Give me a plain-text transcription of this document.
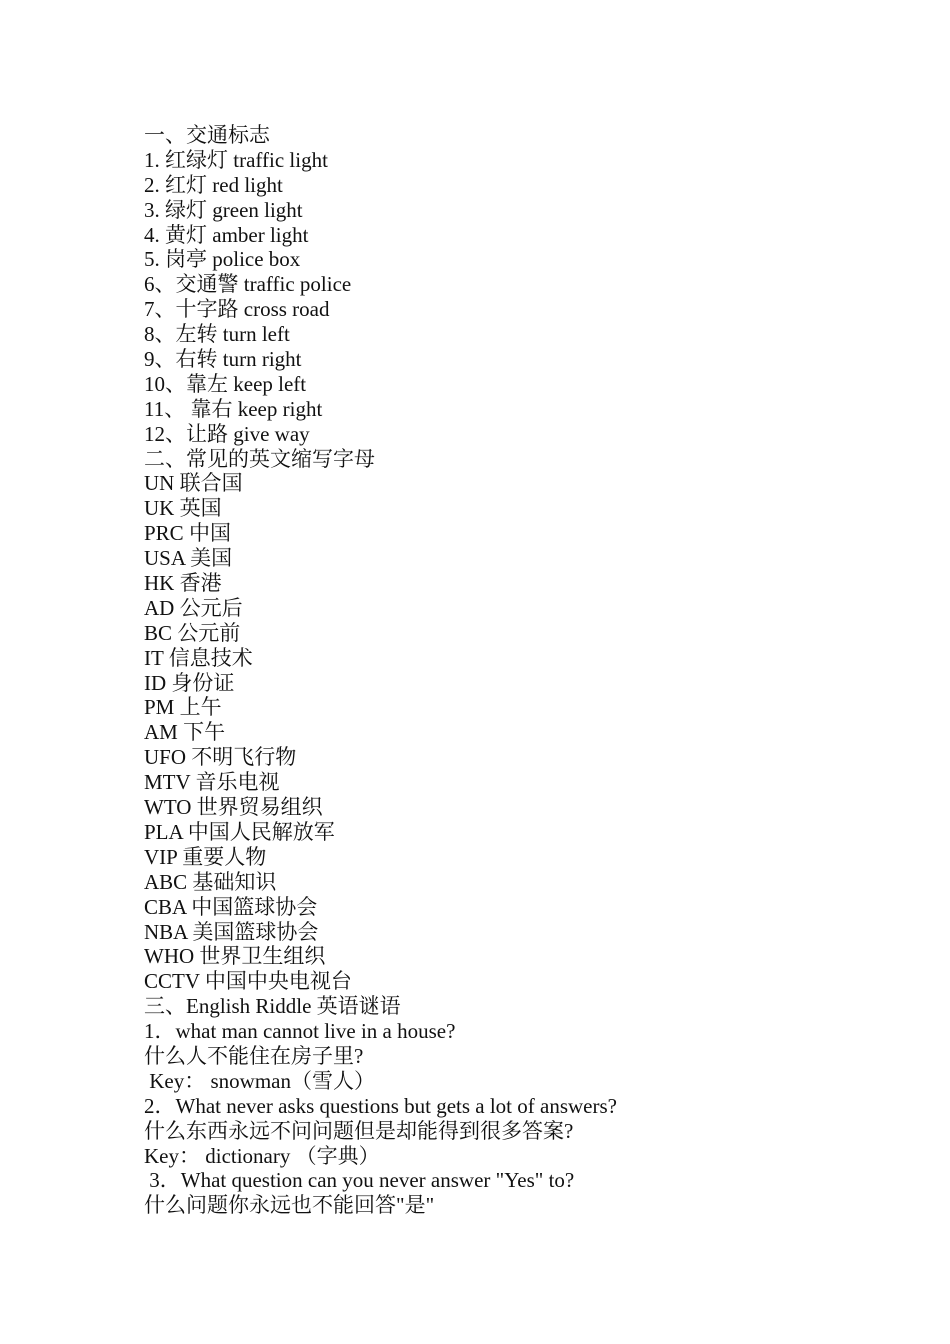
一、交通标志
1. 红绿灯 traffic light
2. 红灯 red light
3. 绿灯 green light
4. 黄灯 amber light
5. 岗亭 police box
6、交通警 traffic police
7、十字路 cross road
8、左转 turn left
9、右转 turn right
10、靠左 keep left
11、 靠右 keep right
12、让路 give way
二、常见的英文缩写字母
UN 联合国
UK 英国
PRC 中国
USA 美国
HK 香港
AD 公元后
BC 公元前
IT 信息技术
ID 身份证
PM 上午
AM 下午
UFO 不明飞行物
MTV 音乐电视
WTO 世界贸易组织
PLA 中国人民解放军
VIP 重要人物
ABC 基础知识
CBA 中国篮球协会
NBA 美国篮球协会
WHO 世界卫生组织
CCTV 中国中央电视台
三、English Riddle 英语谜语
1．what man cannot live in a house?
什么人不能住在房子里?
Key： snowman（雪人）
2．What never asks questions but gets a lot of answers?
什么东西永远不问问题但是却能得到很多答案?
Key： dictionary （字典）
3．What question can you never answer "Yes" to?
什么问题你永远也不能回答"是"
